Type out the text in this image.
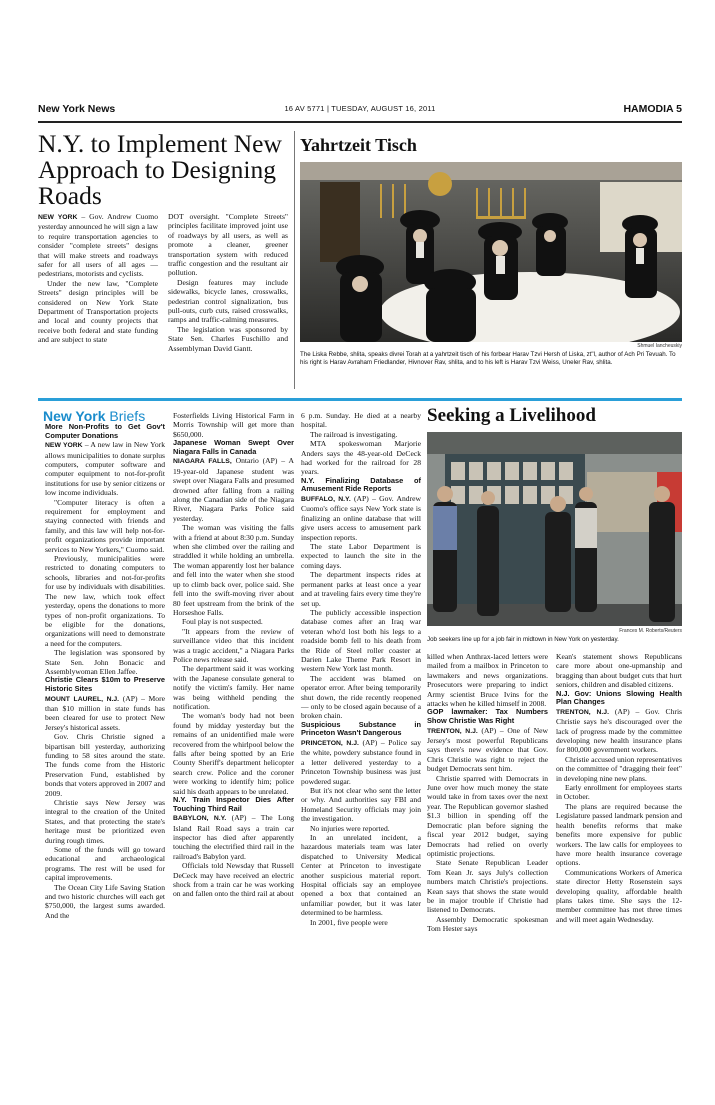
New York News	16 AV 5771 | TUESDAY, AUGUST 16, 2011	HAMODIA 5
N.Y. to Implement New Approach to Designing Roads

NEW YORK – Gov. Andrew Cuomo yesterday announced he will sign a law to require transportation agencies to consider "complete streets" designs that will make streets and roadways safer for all users of all ages — pedestrians, motorists and cyclists.

Under the new law, "Complete Streets" design principles will be considered on New York State Department of Transportation projects and local and county projects that receive both federal and state funding and are subject to state

DOT oversight. "Complete Streets" principles facilitate improved joint use of roadways by all users, as well as promote a cleaner, greener transportation system with reduced traffic congestion and the resultant air pollution.

Design features may include sidewalks, bicycle lanes, crosswalks, pedestrian control signalization, bus pull-outs, curb cuts, raised crosswalks, ramps and traffic-calming measures.

The legislation was sponsored by State Sen. Charles Fuschillo and Assemblyman David Gantt.

Yahrtzeit Tisch
Shmuel Iancheuskiy
The Liska Rebbe, shlita, speaks divrei Torah at a yahrtzeit tisch of his forbear Harav Tzvi Hersh of Liska, zt"l, author of Ach Pri Tevuah. To his right is Harav Avraham Friedlander, Hivnover Rav, shlita, and to his left is Harav Tzvi Weiss, Uneler Rav, shlita.
New York Briefs

More Non-Profits to Get Gov't Computer Donations

NEW YORK – A new law in New York allows municipalities to donate surplus computers, computer software and computer equipment to not-for-profit institutions for use by senior citizens or low income individuals.

"Computer literacy is often a requirement for employment and staying connected with friends and family, and this law will help not-for-profit organizations provide important services to New Yorkers," Cuomo said.

Previously, municipalities were restricted to donating computers to schools, libraries and not-for-profits for use by individuals with disabilities. The new law, which took effect yesterday, opens the donations to more types of non-profit organizations. To be eligible for the donations, organizations will need to demonstrate a need for the computers.

The legislation was sponsored by State Sen. John Bonacic and Assemblywoman Ellen Jaffee.

Christie Clears $10m to Preserve Historic Sites

MOUNT LAUREL, N.J. (AP) – More than $10 million in state funds has been cleared for use to protect New Jersey's historical assets.

Gov. Chris Christie signed a bipartisan bill yesterday, authorizing funding to 58 sites around the state. The funds come from the Historic Preservation Fund, established by bonds that voters approved in 2007 and 2009.

Christie says New Jersey was integral to the creation of the United States, and that protecting the state's heritage must be prioritized even during rough times.

Some of the funds will go toward educational and archaeological programs. The rest will be used for capital improvements.

The Ocean City Life Saving Station and two historic churches will each get $750,000, the largest sums awarded. And the

Fosterfields Living Historical Farm in Morris Township will get more than $650,000.

Japanese Woman Swept Over Niagara Falls in Canada

NIAGARA FALLS, Ontario (AP) – A 19-year-old Japanese student was swept over Niagara Falls and presumed drowned after falling from a railing along the Canadian side of the Niagara River, Niagara Parks Police said yesterday.

The woman was visiting the falls with a friend at about 8:30 p.m. Sunday when she climbed over the railing and straddled it while holding an umbrella. The woman apparently lost her balance and fell into the water when she stood up to climb back over, police said. She fell into the swift-moving river about 80 feet upstream from the brink of the Horseshoe Falls.

Foul play is not suspected.

"It appears from the review of surveillance video that this incident was a tragic accident," a Niagara Parks Police news release said.

The department said it was working with the Japanese consulate general to notify the victim's family. Her name was being withheld pending the notification.

The woman's body had not been found by midday yesterday but the remains of an unidentified male were recovered from the whirlpool below the falls after being spotted by an Erie County Sheriff's department helicopter search crew. Police and the coroner were working to identify him; police said his death appears to be unrelated.

N.Y. Train Inspector Dies After Touching Third Rail

BABYLON, N.Y. (AP) – The Long Island Rail Road says a train car inspector has died after apparently touching the electrified third rail in the railroad's Babylon yard.

Officials told Newsday that Russell DeCeck may have received an electric shock from a train car he was working on and fallen onto the third rail at about

6 p.m. Sunday. He died at a nearby hospital.

The railroad is investigating.

MTA spokeswoman Marjorie Anders says the 48-year-old DeCeck had worked for the railroad for 28 years.

N.Y. Finalizing Database of Amusement Ride Reports

BUFFALO, N.Y. (AP) – Gov. Andrew Cuomo's office says New York state is finalizing an online database that will give users access to amusement park inspection reports.

The state Labor Department is expected to launch the site in the coming days.

The department inspects rides at permanent parks at least once a year and at traveling fairs every time they're set up.

The publicly accessible inspection database comes after an Iraq war veteran who'd lost both his legs to a roadside bomb fell to his death from the Ride of Steel roller coaster at Darien Lake Theme Park Resort in western New York last month.

The accident was blamed on operator error. After being temporarily shut down, the ride recently reopened — only to be closed again because of a broken chain.

Suspicious Substance in Princeton Wasn't Dangerous

PRINCETON, N.J. (AP) – Police say the white, powdery substance found in a letter delivered yesterday to a Princeton Township business was just powdered sugar.

But it's not clear who sent the letter or why. And authorities say FBI and Homeland Security officials may join the investigation.

No injuries were reported.

In an unrelated incident, a hazardous materials team was later dispatched to University Medical Center at Princeton to investigate another suspicious material report. Hospital officials say an employee opened a box that contained an unfamiliar powder, but it was later determined to be harmless.

In 2001, five people were

Seeking a Livelihood
Frances M. Roberts/Reuters
Job seekers line up for a job fair in midtown in New York on yesterday.

killed when Anthrax-laced letters were mailed from a mailbox in Princeton to lawmakers and news organizations. Prosecutors were preparing to indict Army scientist Bruce Ivins for the attacks when he killed himself in 2008.

GOP lawmaker: Tax Numbers Show Christie Was Right

TRENTON, N.J. (AP) – One of New Jersey's most powerful Republicans says there's new evidence that Gov. Chris Christie was right to reject the budget Democrats sent him.

Christie sparred with Democrats in June over how much money the state would take in from taxes over the next year. The Republican governor slashed $1.3 billion in spending off the Democratic plan before signing the fiscal year 2012 budget, saying Democrats had relied on overly optimistic projections.

State Senate Republican Leader Tom Kean Jr. says July's collection numbers match Christie's projections. Kean says that shows the state would be in major trouble if Christie had listened to Democrats.

Assembly Democratic spokesman Tom Hester says

Kean's statement shows Republicans care more about one-upmanship and bragging than about budget cuts that hurt seniors, children and disabled citizens.

N.J. Gov: Unions Slowing Health Plan Changes

TRENTON, N.J. (AP) – Gov. Chris Christie says he's discouraged over the lack of progress made by the committee developing new health insurance plans for 800,000 government workers.

Christie accused union representatives on the committee of "dragging their feet" in developing nine new plans.

Early enrollment for employees starts in October.

The plans are required because the Legislature passed landmark pension and health benefits reforms that make benefits more expensive for public workers. The law calls for employees to have more health insurance coverage options.

Communications Workers of America state director Hetty Rosenstein says developing quality, affordable health plans takes time. She says the 12-member committee has met three times and will meet again Wednesday.
